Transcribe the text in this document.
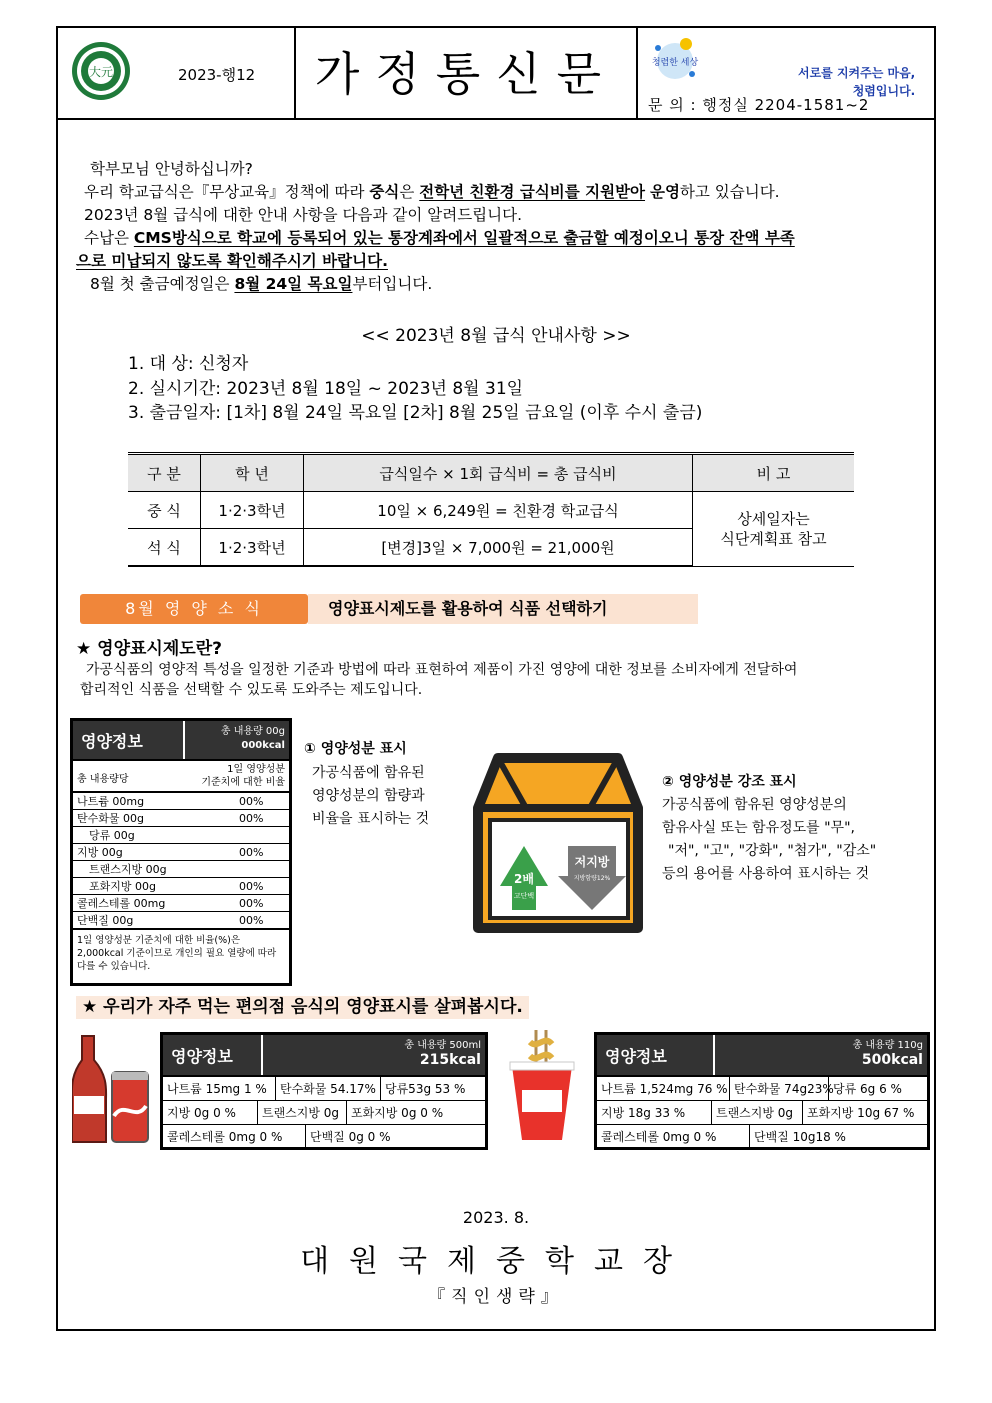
大元	2023-행12	가정통신문	청렴한 세상
문 의 : 행정실 2204-1581~2
서로를 지켜주는 마음,
청렴입니다.
학부모님 안녕하십니까?
우리 학교급식은『무상교육』정책에 따라 중식은 전학년 친환경 급식비를 지원받아 운영하고 있습니다.
2023년 8월 급식에 대한 안내 사항을 다음과 같이 알려드립니다.
수납은 CMS방식으로 학교에 등록되어 있는 통장계좌에서 일괄적으로 출금할 예정이오니 통장 잔액 부족
으로 미납되지 않도록 확인해주시기 바랍니다.
8월 첫 출금예정일은 8월 24일 목요일부터입니다.
<< 2023년 8월 급식 안내사항 >>
1. 대 상: 신청자
2. 실시기간: 2023년 8월 18일 ~ 2023년 8월 31일
3. 출금일자: [1차] 8월 24일 목요일 [2차] 8월 25일 금요일 (이후 수시 출금)
구 분	학 년	급식일수 × 1회 급식비 = 총 급식비	비 고
중 식	1·2·3학년	10일 × 6,249원 = 친환경 학교급식	상세일자는
식단계획표 참고

석 식	1·2·3학년	[변경]3일 × 7,000원 = 21,000원	
8월 영 양 소 식	영양표시제도를 활용하여 식품 선택하기
★ 영양표시제도란?
가공식품의 영양적 특성을 일정한 기준과 방법에 따라 표현하여 제품이 가진 영양에 대한 정보를 소비자에게 전달하여
합리적인 식품을 선택할 수 있도록 도와주는 제도입니다.
영양정보	총 내용량 00g
000kcal
총 내용량당
1일 영양성분
기준치에 대한 비율
나트륨 00mg	00%
탄수화물 00g	00%
당류 00g
지방 00g	00%
트랜스지방 00g
포화지방 00g	00%
콜레스테롤 00mg	00%
단백질 00g	00%
1일 영양성분 기준치에 대한 비율(%)은 2,000kcal 기준이므로 개인의 필요 열량에 따라 다를 수 있습니다.
① 영양성분 표시
가공식품에 함유된
영양성분의 함량과
비율을 표시하는 것
2배
고단백
저지방
지방함량12%
② 영양성분 강조 표시
가공식품에 함유된 영양성분의
함유사실 또는 함유정도를 "무",
"저", "고", "강화", "첨가", "감소"
등의 용어를 사용하여 표시하는 것
★ 우리가 자주 먹는 편의점 음식의 영양표시를 살펴봅시다.
영양정보
총 내용량 500ml
215kcal
나트륨 15mg 1 %	탄수화물 54.17% 당류53g 53 %
지방 0g 0 %	트랜스지방 0g 포화지방 0g 0 %
콜레스테롤 0mg 0 %	단백질 0g 0 %
영양정보
총 내용량 110g
500kcal
나트륨 1,524mg 76 % 탄수화물 74g23% 당류 6g 6 %
지방 18g 33 %	트랜스지방 0g	포화지방 10g 67 %
콜레스테롤 0mg 0 %	단백질 10g18 %
2023. 8.
대원국제중학교장
『직인생략』
